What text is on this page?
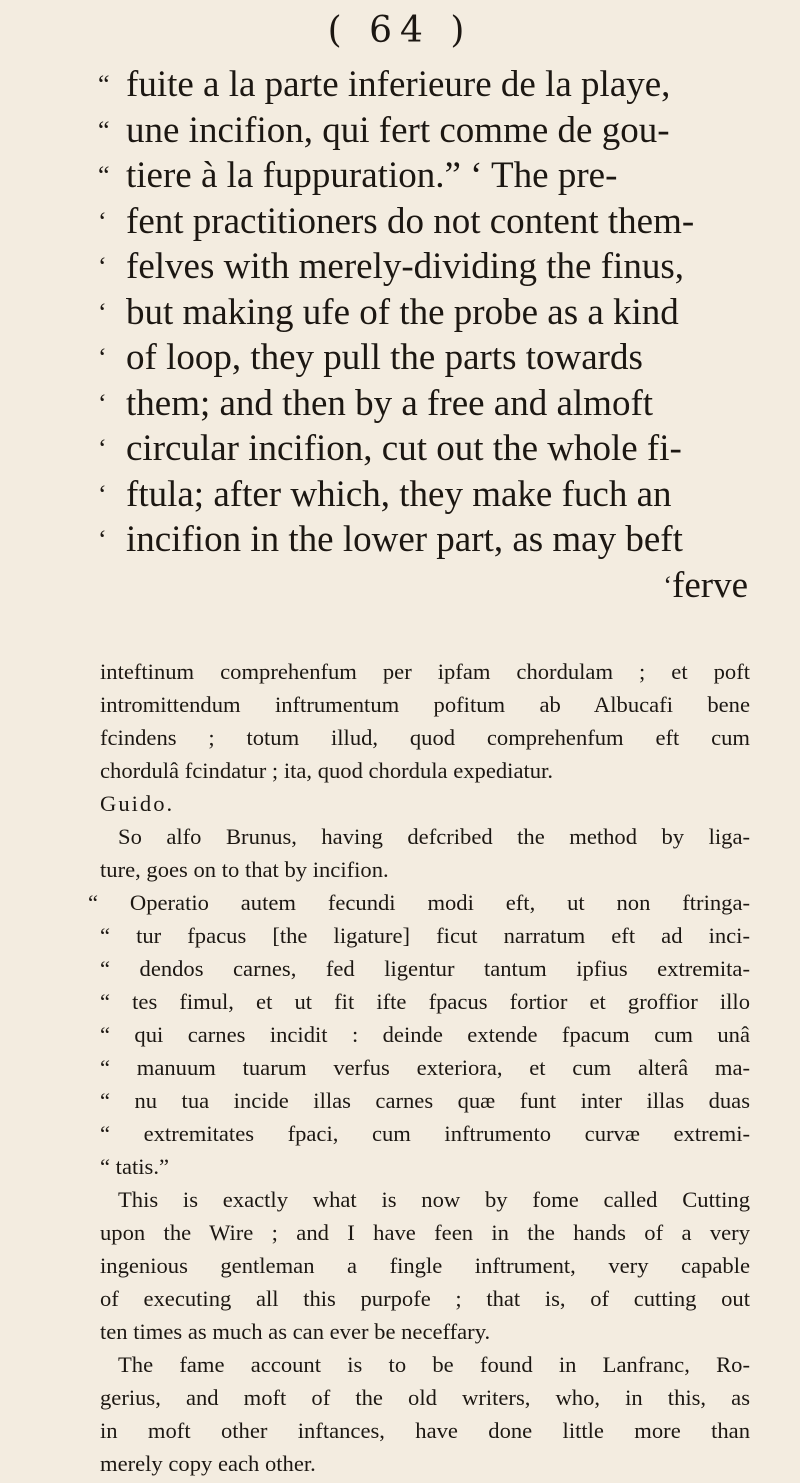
( 64 )
“ fuite a la parte inferieure de la playe,
“ une incifion, qui fert comme de gou-
“ tiere à la fuppuration.” ‘ The pre-
‘ fent practitioners do not content them-
‘ felves with merely-dividing the finus,
‘ but making ufe of the probe as a kind
‘ of loop, they pull the parts towards
‘ them; and then by a free and almoft
‘ circular incifion, cut out the whole fi-
‘ ftula; after which, they make fuch an
‘ incifion in the lower part, as may beft
‘ferve

inteftinum comprehenfum per ipfam chordulam ; et poft

intromittendum inftrumentum pofitum ab Albucafi bene

fcindens ; totum illud, quod comprehenfum eft cum

chordulâ fcindatur ; ita, quod chordula expediatur.

Guido.

So alfo Brunus, having defcribed the method by liga-

ture, goes on to that by incifion.

“ Operatio autem fecundi modi eft, ut non ftringa-

“ tur fpacus [the ligature] ficut narratum eft ad inci-

“ dendos carnes, fed ligentur tantum ipfius extremita-

“ tes fimul, et ut fit ifte fpacus fortior et groffior illo

“ qui carnes incidit : deinde extende fpacum cum unâ

“ manuum tuarum verfus exteriora, et cum alterâ ma-

“ nu tua incide illas carnes quæ funt inter illas duas

“ extremitates fpaci, cum inftrumento curvæ extremi-

“ tatis.”

This is exactly what is now by fome called Cutting

upon the Wire ; and I have feen in the hands of a very

ingenious gentleman a fingle inftrument, very capable

of executing all this purpofe ; that is, of cutting out

ten times as much as can ever be neceffary.

The fame account is to be found in Lanfranc, Ro-

gerius, and moft of the old writers, who, in this, as

in moft other inftances, have done little more than

merely copy each other.
